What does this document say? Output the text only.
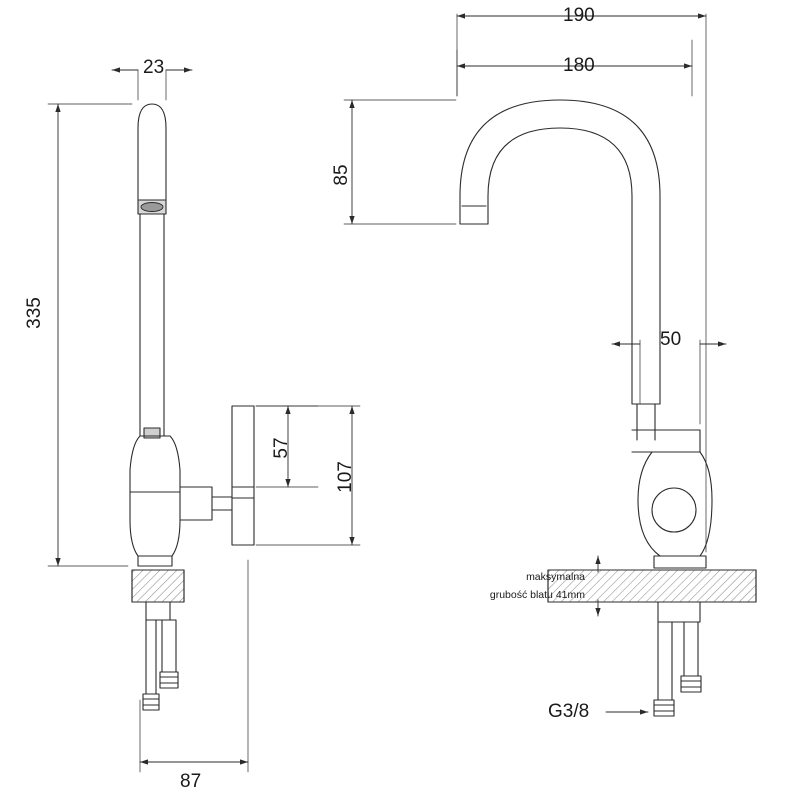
23
335
57
107
87
190
180
85
50
G3/8
maksymalna
grubość blatu 41mm
